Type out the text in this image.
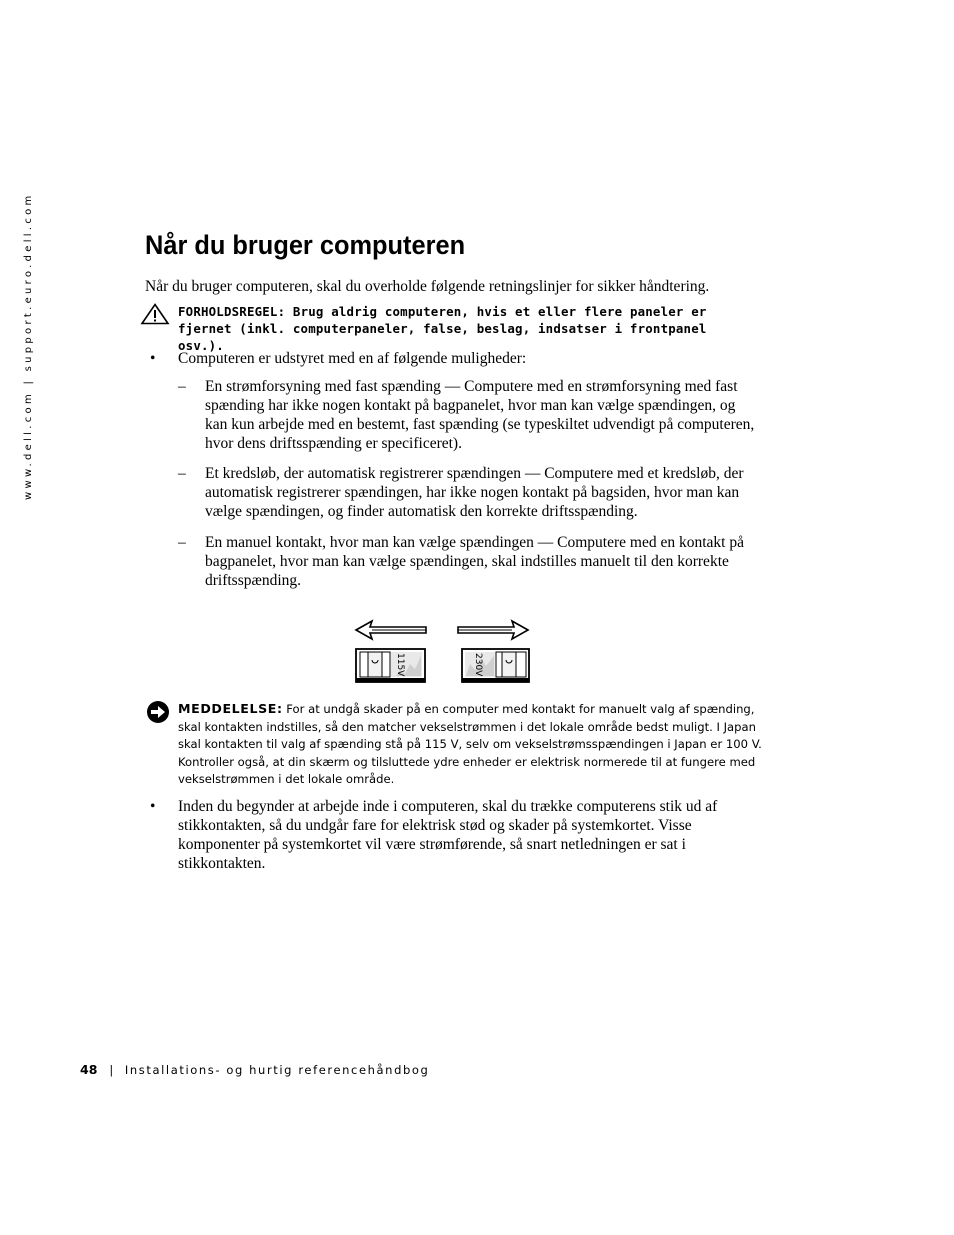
www.dell.com | support.euro.dell.com	Når du bruger computeren

Når du bruger computeren, skal du overholde følgende retningslinjer for sikker håndtering.

FORHOLDSREGEL: Brug aldrig computeren, hvis et eller flere paneler er fjernet (inkl. computerpaneler, false, beslag, indsatser i frontpanel osv.).

• Computeren er udstyret med en af følgende muligheder:

– En strømforsyning med fast spænding — Computere med en strømforsyning med fast spænding har ikke nogen kontakt på bagpanelet, hvor man kan vælge spændingen, og kan kun arbejde med en bestemt, fast spænding (se typeskiltet udvendigt på computeren, hvor dens driftsspænding er specificeret).

– Et kredsløb, der automatisk registrerer spændingen — Computere med et kredsløb, der automatisk registrerer spændingen, har ikke nogen kontakt på bagsiden, hvor man kan vælge spændingen, og finder automatisk den korrekte driftsspænding.

– En manuel kontakt, hvor man kan vælge spændingen — Computere med en kontakt på bagpanelet, hvor man kan vælge spændingen, skal indstilles manuelt til den korrekte driftsspænding.

115V	230V

MEDDELELSE: For at undgå skader på en computer med kontakt for manuelt valg af spænding, skal kontakten indstilles, så den matcher vekselstrømmen i det lokale område bedst muligt. I Japan skal kontakten til valg af spænding stå på 115 V, selv om vekselstrømsspændingen i Japan er 100 V. Kontroller også, at din skærm og tilsluttede ydre enheder er elektrisk normerede til at fungere med vekselstrømmen i det lokale område.

• Inden du begynder at arbejde inde i computeren, skal du trække computerens stik ud af stikkontakten, så du undgår fare for elektrisk stød og skader på systemkortet. Visse komponenter på systemkortet vil være strømførende, så snart netledningen er sat i stikkontakten.

48 | Installations- og hurtig referencehåndbog
